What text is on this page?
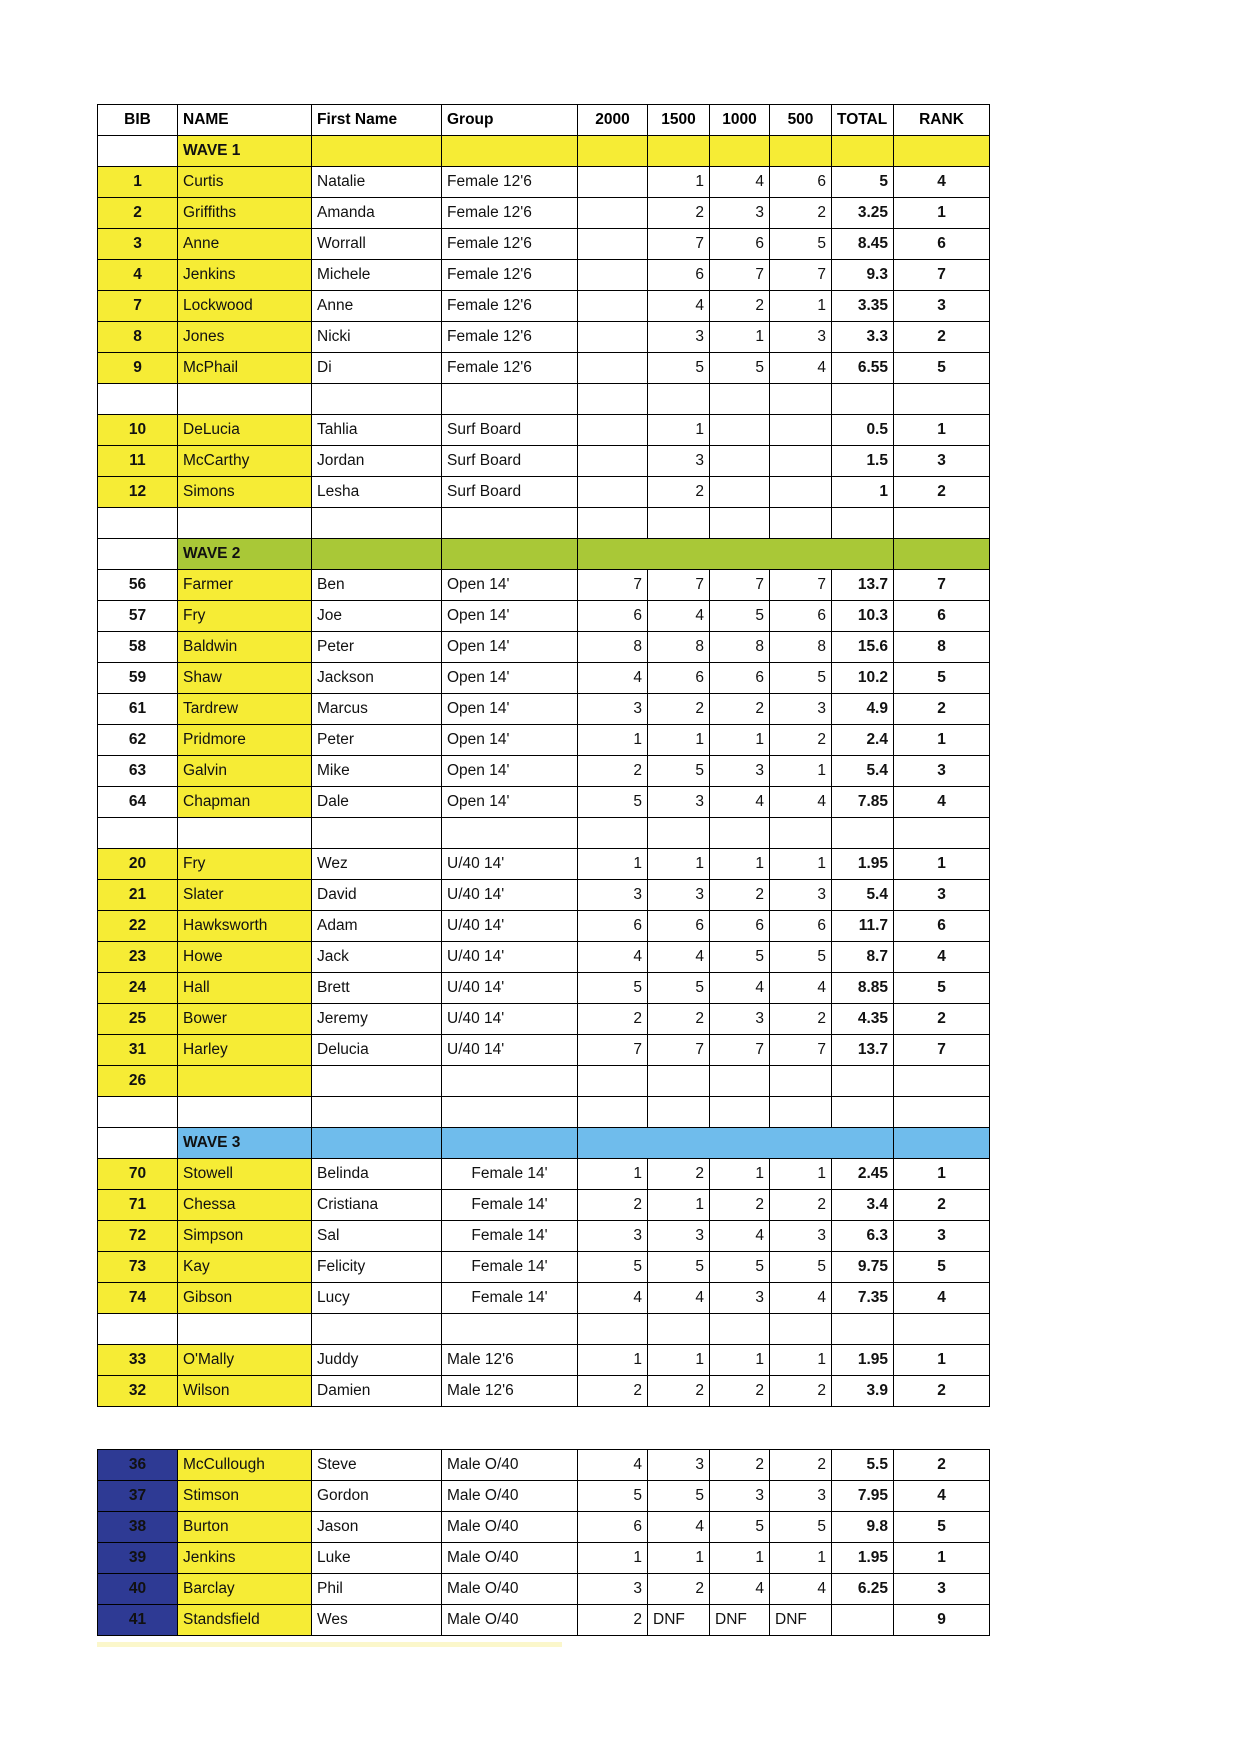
BIB	NAME	First Name	Group	2000	1500	1000	500	TOTAL	RANK
	WAVE 1								
1	Curtis	Natalie	Female 12'6		1	4	6	5	4
2	Griffiths	Amanda	Female 12'6		2	3	2	3.25	1
3	Anne	Worrall	Female 12'6		7	6	5	8.45	6
4	Jenkins	Michele	Female 12'6		6	7	7	9.3	7
7	Lockwood	Anne	Female 12'6		4	2	1	3.35	3
8	Jones	Nicki	Female 12'6		3	1	3	3.3	2
9	McPhail	Di	Female 12'6		5	5	4	6.55	5

10	DeLucia	Tahlia	Surf Board		1			0.5	1
11	McCarthy	Jordan	Surf Board		3			1.5	3
12	Simons	Lesha	Surf Board		2			1	2

	WAVE 2								
56	Farmer	Ben	Open 14'	7	7	7	7	13.7	7
57	Fry	Joe	Open 14'	6	4	5	6	10.3	6
58	Baldwin	Peter	Open 14'	8	8	8	8	15.6	8
59	Shaw	Jackson	Open 14'	4	6	6	5	10.2	5
61	Tardrew	Marcus	Open 14'	3	2	2	3	4.9	2
62	Pridmore	Peter	Open 14'	1	1	1	2	2.4	1
63	Galvin	Mike	Open 14'	2	5	3	1	5.4	3
64	Chapman	Dale	Open 14'	5	3	4	4	7.85	4

20	Fry	Wez	U/40 14'	1	1	1	1	1.95	1
21	Slater	David	U/40 14'	3	3	2	3	5.4	3
22	Hawksworth	Adam	U/40 14'	6	6	6	6	11.7	6
23	Howe	Jack	U/40 14'	4	4	5	5	8.7	4
24	Hall	Brett	U/40 14'	5	5	4	4	8.85	5
25	Bower	Jeremy	U/40 14'	2	2	3	2	4.35	2
31	Harley	Delucia	U/40 14'	7	7	7	7	13.7	7
26									

	WAVE 3								
70	Stowell	Belinda	Female 14'	1	2	1	1	2.45	1
71	Chessa	Cristiana	Female 14'	2	1	2	2	3.4	2
72	Simpson	Sal	Female 14'	3	3	4	3	6.3	3
73	Kay	Felicity	Female 14'	5	5	5	5	9.75	5
74	Gibson	Lucy	Female 14'	4	4	3	4	7.35	4

33	O'Mally	Juddy	Male 12'6	1	1	1	1	1.95	1
32	Wilson	Damien	Male 12'6	2	2	2	2	3.9	2
36	McCullough	Steve	Male O/40	4	3	2	2	5.5	2
37	Stimson	Gordon	Male O/40	5	5	3	3	7.95	4
38	Burton	Jason	Male O/40	6	4	5	5	9.8	5
39	Jenkins	Luke	Male O/40	1	1	1	1	1.95	1
40	Barclay	Phil	Male O/40	3	2	4	4	6.25	3
41	Standsfield	Wes	Male O/40	2	DNF	DNF	DNF		9
